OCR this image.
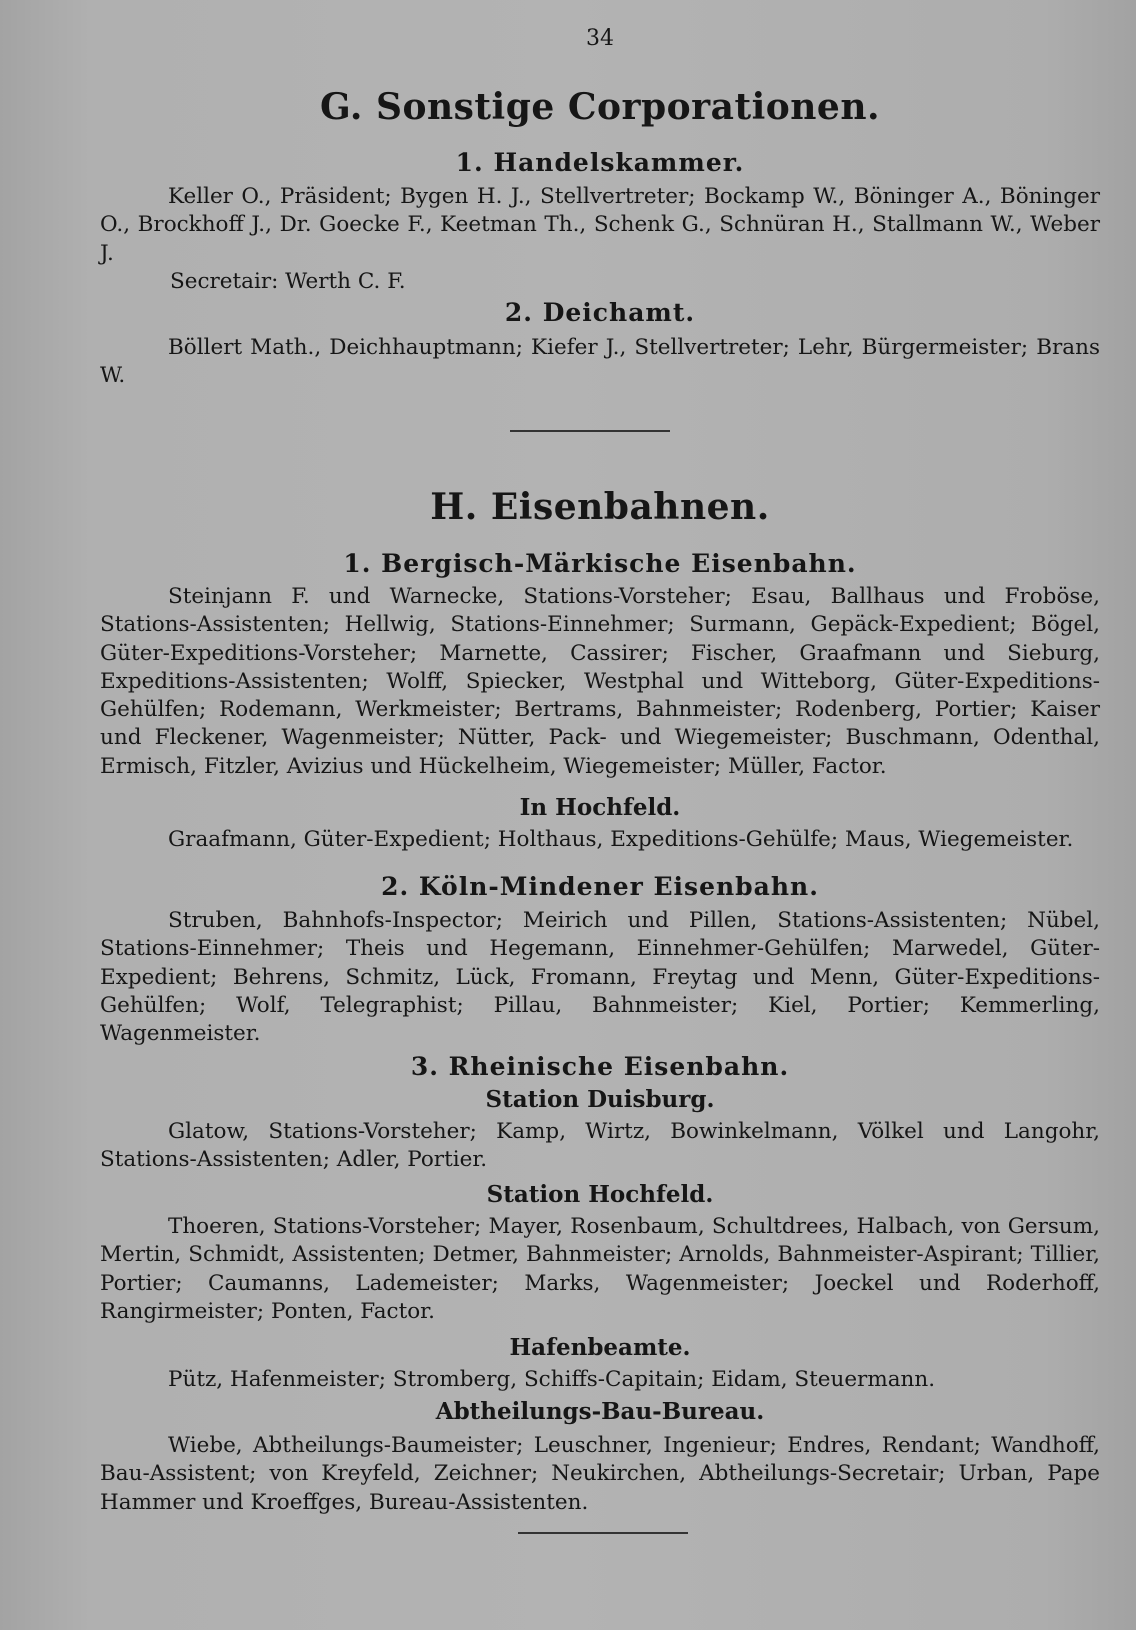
34
G. Sonstige Corporationen.
1. Handelskammer.
Keller O., Präsident; Bygen H. J., Stellvertreter; Bockamp W., Böninger A., Böninger O., Brockhoff J., Dr. Goecke F., Keetman Th., Schenk G., Schnüran H., Stallmann W., Weber J.
Secretair: Werth C. F.
2. Deichamt.
Böllert Math., Deichhauptmann; Kiefer J., Stellvertreter; Lehr, Bürgermeister; Brans W.
H. Eisenbahnen.
1. Bergisch-Märkische Eisenbahn.
Steinjann F. und Warnecke, Stations-Vorsteher; Esau, Ballhaus und Froböse, Stations-Assistenten; Hellwig, Stations-Einnehmer; Surmann, Gepäck-Expedient; Bögel, Güter-Expeditions-Vorsteher; Marnette, Cassirer; Fischer, Graafmann und Sieburg, Expeditions-Assistenten; Wolff, Spiecker, Westphal und Witteborg, Güter-Expeditions-Gehülfen; Rodemann, Werkmeister; Bertrams, Bahnmeister; Rodenberg, Portier; Kaiser und Fleckener, Wagenmeister; Nütter, Pack- und Wiegemeister; Buschmann, Odenthal, Ermisch, Fitzler, Avizius und Hückelheim, Wiegemeister; Müller, Factor.
In Hochfeld.
Graafmann, Güter-Expedient; Holthaus, Expeditions-Gehülfe; Maus, Wiegemeister.
2. Köln-Mindener Eisenbahn.
Struben, Bahnhofs-Inspector; Meirich und Pillen, Stations-Assistenten; Nübel, Stations-Einnehmer; Theis und Hegemann, Einnehmer-Gehülfen; Marwedel, Güter-Expedient; Behrens, Schmitz, Lück, Fromann, Freytag und Menn, Güter-Expeditions-Gehülfen; Wolf, Telegraphist; Pillau, Bahnmeister; Kiel, Portier; Kemmerling, Wagenmeister.
3. Rheinische Eisenbahn.
Station Duisburg.
Glatow, Stations-Vorsteher; Kamp, Wirtz, Bowinkelmann, Völkel und Langohr, Stations-Assistenten; Adler, Portier.
Station Hochfeld.
Thoeren, Stations-Vorsteher; Mayer, Rosenbaum, Schultdrees, Halbach, von Gersum, Mertin, Schmidt, Assistenten; Detmer, Bahnmeister; Arnolds, Bahnmeister-Aspirant; Tillier, Portier; Caumanns, Lademeister; Marks, Wagenmeister; Joeckel und Roderhoff, Rangirmeister; Ponten, Factor.
Hafenbeamte.
Pütz, Hafenmeister; Stromberg, Schiffs-Capitain; Eidam, Steuermann.
Abtheilungs-Bau-Bureau.
Wiebe, Abtheilungs-Baumeister; Leuschner, Ingenieur; Endres, Rendant; Wandhoff, Bau-Assistent; von Kreyfeld, Zeichner; Neukirchen, Abtheilungs-Secretair; Urban, Pape Hammer und Kroeffges, Bureau-Assistenten.
